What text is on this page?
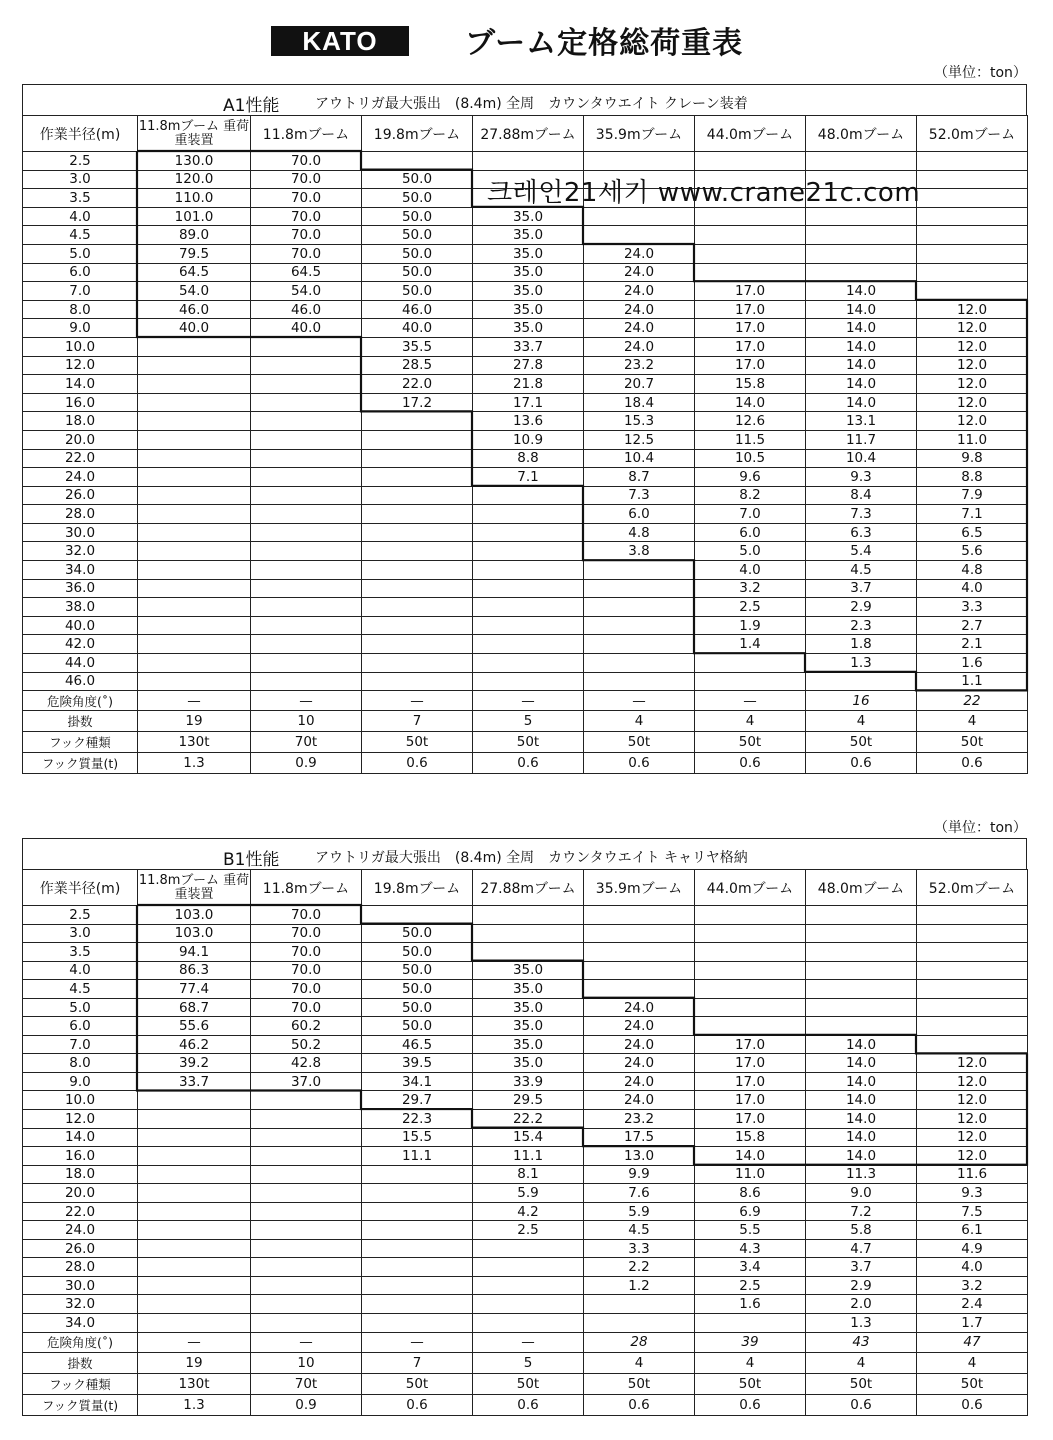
KATO	ブーム定格総荷重表
（単位：ton）
A1性能	アウトリガ最大張出　(8.4m) 全周　カウンタウエイト クレーン装着
作業半径(m)	11.8mブーム 重荷重装置	11.8mブーム	19.8mブーム	27.88mブーム	35.9mブーム	44.0mブーム	48.0mブーム	52.0mブーム
2.5	130.0	70.0						
3.0	120.0	70.0	50.0					
3.5	110.0	70.0	50.0					
4.0	101.0	70.0	50.0	35.0				
4.5	89.0	70.0	50.0	35.0				
5.0	79.5	70.0	50.0	35.0	24.0			
6.0	64.5	64.5	50.0	35.0	24.0			
7.0	54.0	54.0	50.0	35.0	24.0	17.0	14.0	
8.0	46.0	46.0	46.0	35.0	24.0	17.0	14.0	12.0
9.0	40.0	40.0	40.0	35.0	24.0	17.0	14.0	12.0
10.0			35.5	33.7	24.0	17.0	14.0	12.0
12.0			28.5	27.8	23.2	17.0	14.0	12.0
14.0			22.0	21.8	20.7	15.8	14.0	12.0
16.0			17.2	17.1	18.4	14.0	14.0	12.0
18.0				13.6	15.3	12.6	13.1	12.0
20.0				10.9	12.5	11.5	11.7	11.0
22.0				8.8	10.4	10.5	10.4	9.8
24.0				7.1	8.7	9.6	9.3	8.8
26.0					7.3	8.2	8.4	7.9
28.0					6.0	7.0	7.3	7.1
30.0					4.8	6.0	6.3	6.5
32.0					3.8	5.0	5.4	5.6
34.0						4.0	4.5	4.8
36.0						3.2	3.7	4.0
38.0						2.5	2.9	3.3
40.0						1.9	2.3	2.7
42.0						1.4	1.8	2.1
44.0							1.3	1.6
46.0								1.1
危険角度(˚)	—	—	—	—	—	—	16	22
掛数	19	10	7	5	4	4	4	4
フック種類	130t	70t	50t	50t	50t	50t	50t	50t
フック質量(t)	1.3	0.9	0.6	0.6	0.6	0.6	0.6	0.6
（単位：ton）
B1性能	アウトリガ最大張出　(8.4m) 全周　カウンタウエイト キャリヤ格納
作業半径(m)	11.8mブーム 重荷重装置	11.8mブーム	19.8mブーム	27.88mブーム	35.9mブーム	44.0mブーム	48.0mブーム	52.0mブーム
2.5	103.0	70.0						
3.0	103.0	70.0	50.0					
3.5	94.1	70.0	50.0					
4.0	86.3	70.0	50.0	35.0				
4.5	77.4	70.0	50.0	35.0				
5.0	68.7	70.0	50.0	35.0	24.0			
6.0	55.6	60.2	50.0	35.0	24.0			
7.0	46.2	50.2	46.5	35.0	24.0	17.0	14.0	
8.0	39.2	42.8	39.5	35.0	24.0	17.0	14.0	12.0
9.0	33.7	37.0	34.1	33.9	24.0	17.0	14.0	12.0
10.0			29.7	29.5	24.0	17.0	14.0	12.0
12.0			22.3	22.2	23.2	17.0	14.0	12.0
14.0			15.5	15.4	17.5	15.8	14.0	12.0
16.0			11.1	11.1	13.0	14.0	14.0	12.0
18.0				8.1	9.9	11.0	11.3	11.6
20.0				5.9	7.6	8.6	9.0	9.3
22.0				4.2	5.9	6.9	7.2	7.5
24.0				2.5	4.5	5.5	5.8	6.1
26.0					3.3	4.3	4.7	4.9
28.0					2.2	3.4	3.7	4.0
30.0					1.2	2.5	2.9	3.2
32.0						1.6	2.0	2.4
34.0							1.3	1.7
危険角度(˚)	—	—	—	—	28	39	43	47
掛数	19	10	7	5	4	4	4	4
フック種類	130t	70t	50t	50t	50t	50t	50t	50t
フック質量(t)	1.3	0.9	0.6	0.6	0.6	0.6	0.6	0.6
크레인21세기 www.crane21c.com
